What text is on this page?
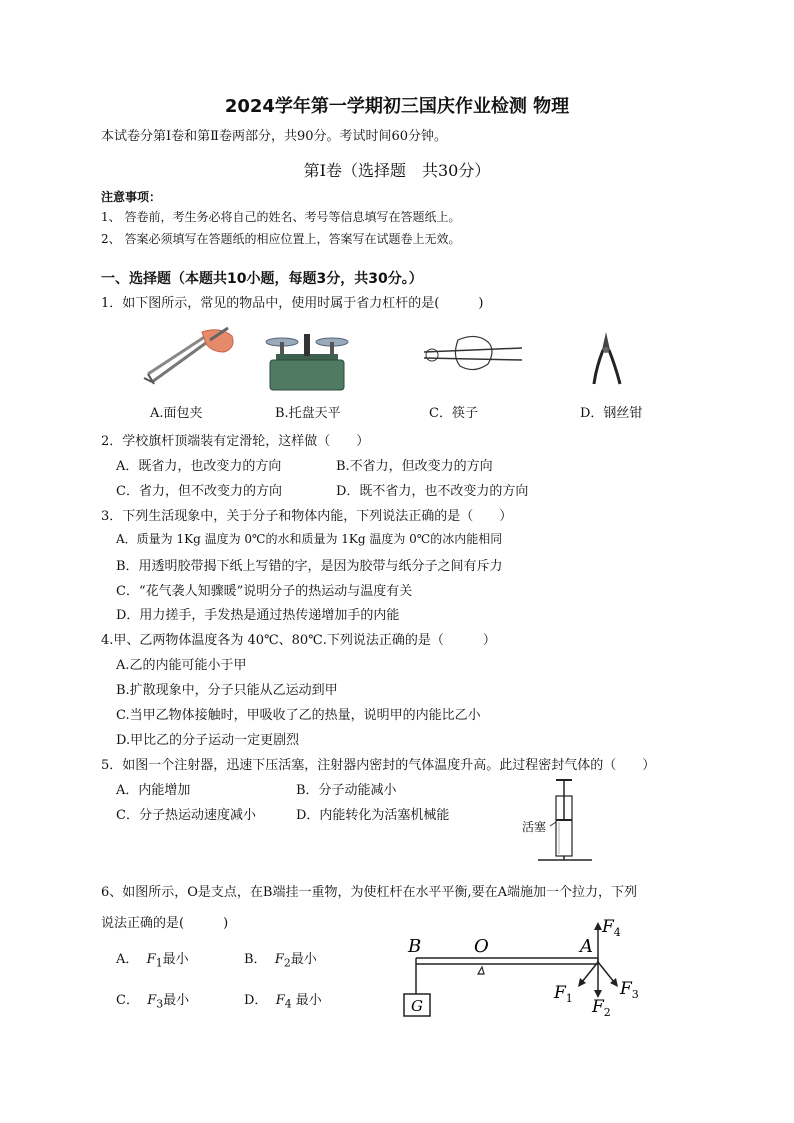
2024学年第一学期初三国庆作业检测 物理
本试卷分第Ⅰ卷和第Ⅱ卷两部分，共90分。考试时间60分钟。
第Ⅰ卷（选择题　共30分）
注意事项：
1、 答卷前，考生务必将自己的姓名、考号等信息填写在答题纸上。
2、 答案必须填写在答题纸的相应位置上，答案写在试题卷上无效。
一、选择题（本题共10小题，每题3分，共30分。）
1．如下图所示，常见的物品中，使用时属于省力杠杆的是(　　　)
A.面包夹	B.托盘天平	C．筷子	D．钢丝钳
2．学校旗杆顶端装有定滑轮，这样做（　　）
A．既省力，也改变力的方向	B.不省力，但改变力的方向
C．省力，但不改变力的方向	D．既不省力，也不改变力的方向
3．下列生活现象中，关于分子和物体内能，下列说法正确的是（　　）
A．质量为 1Kg 温度为 0℃的水和质量为 1Kg 温度为 0℃的冰内能相同
B．用透明胶带揭下纸上写错的字，是因为胶带与纸分子之间有斥力
C．“花气袭人知骤暖”说明分子的热运动与温度有关
D．用力搓手，手发热是通过热传递增加手的内能
4.甲、乙两物体温度各为 40℃、80℃.下列说法正确的是（　　　）
A.乙的内能可能小于甲
B.扩散现象中，分子只能从乙运动到甲
C.当甲乙物体接触时，甲吸收了乙的热量，说明甲的内能比乙小
D.甲比乙的分子运动一定更剧烈
5．如图一个注射器，迅速下压活塞，注射器内密封的气体温度升高。此过程密封气体的（　　）
A．内能增加	B．分子动能减小
C．分子热运动速度减小	D．内能转化为活塞机械能
活塞
6、如图所示，O是支点，在B端挂一重物，为使杠杆在水平平衡,要在A端施加一个拉力，下列
说法正确的是(　　　)
A． $F_1$最小	B． $F_2$最小
C． $F_3$最小	D． $F_4$ 最小	G
B	O	A
$F_4$
$F_1$ $F_2$
$F_3$
